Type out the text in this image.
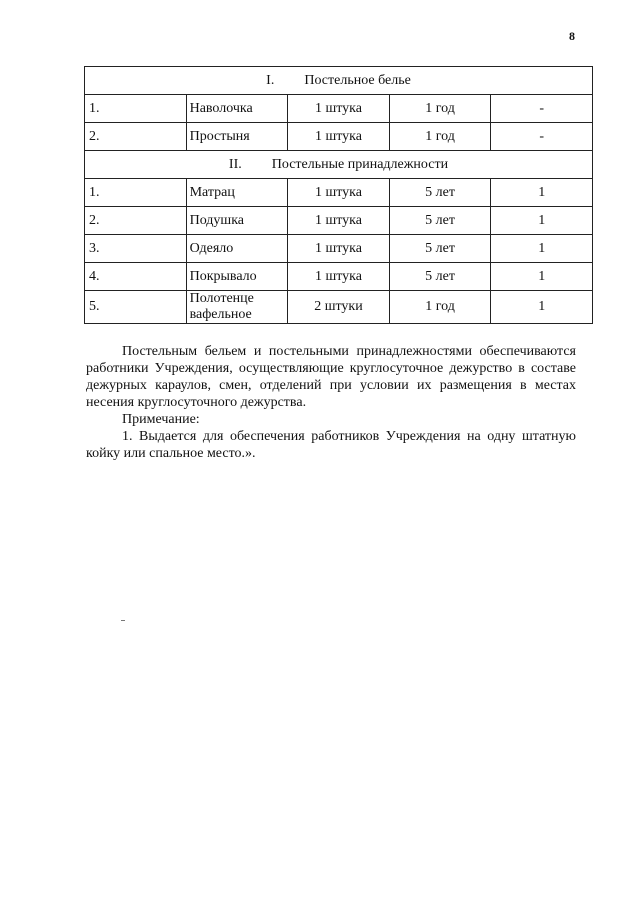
8
I. Постельное белье				
1.	Наволочка	1 штука	1 год	-
2.	Простыня	1 штука	1 год	-
II. Постельные принадлежности				
1.	Матрац	1 штука	5 лет	1
2.	Подушка	1 штука	5 лет	1
3.	Одеяло	1 штука	5 лет	1
4.	Покрывало	1 штука	5 лет	1
5.	Полотенце вафельное	2 штуки	1 год	1

Постельным бельем и постельными принадлежностями обеспечиваются работники Учреждения, осуществляющие круглосуточное дежурство в составе дежурных караулов, смен, отделений при условии их размещения в местах несения круглосуточного дежурства.

Примечание:

1. Выдается для обеспечения работников Учреждения на одну штатную койку или спальное место.».
